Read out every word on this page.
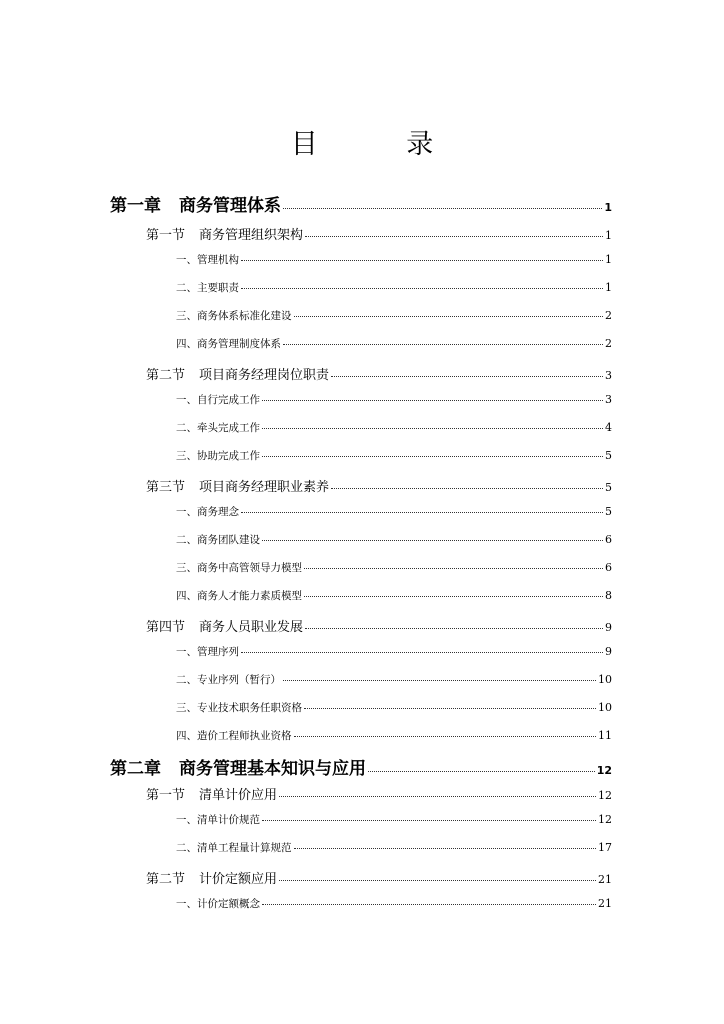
目 录
第一章 商务管理体系	1
第一节 商务管理组织架构	1
一、管理机构	1
二、主要职责	1
三、商务体系标准化建设	2
四、商务管理制度体系	2
第二节 项目商务经理岗位职责	3
一、自行完成工作	3
二、牵头完成工作	4
三、协助完成工作	5
第三节 项目商务经理职业素养	5
一、商务理念	5
二、商务团队建设	6
三、商务中高管领导力模型	6
四、商务人才能力素质模型	8
第四节 商务人员职业发展	9
一、管理序列	9
二、专业序列（暂行）	10
三、专业技术职务任职资格	10
四、造价工程师执业资格	11
第二章 商务管理基本知识与应用	12
第一节 清单计价应用	12
一、清单计价规范	12
二、清单工程量计算规范	17
第二节 计价定额应用	21
一、计价定额概念	21
